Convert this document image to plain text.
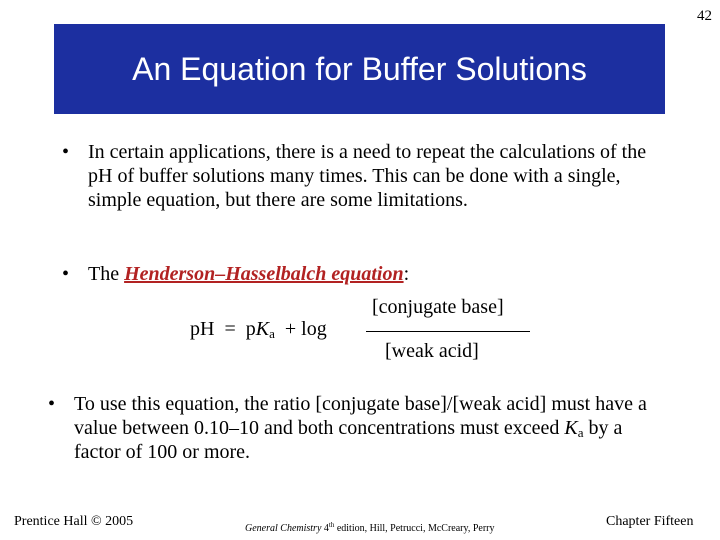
42
An Equation for Buffer Solutions
• In certain applications, there is a need to repeat the calculations of the pH of buffer solutions many times. This can be done with a single, simple equation, but there are some limitations.
• The Henderson–Hasselbalch equation:
pH  =  $pK_a + \log$
[conjugate base]
[weak acid]
• To use this equation, the ratio [conjugate base]/[weak acid] must have a value between 0.10–10 and both concentrations must exceed $K_a$ by a factor of 100 or more.
Prentice Hall © 2005	General Chemistry 4th edition, Hill, Petrucci, McCreary, Perry	Chapter Fifteen
